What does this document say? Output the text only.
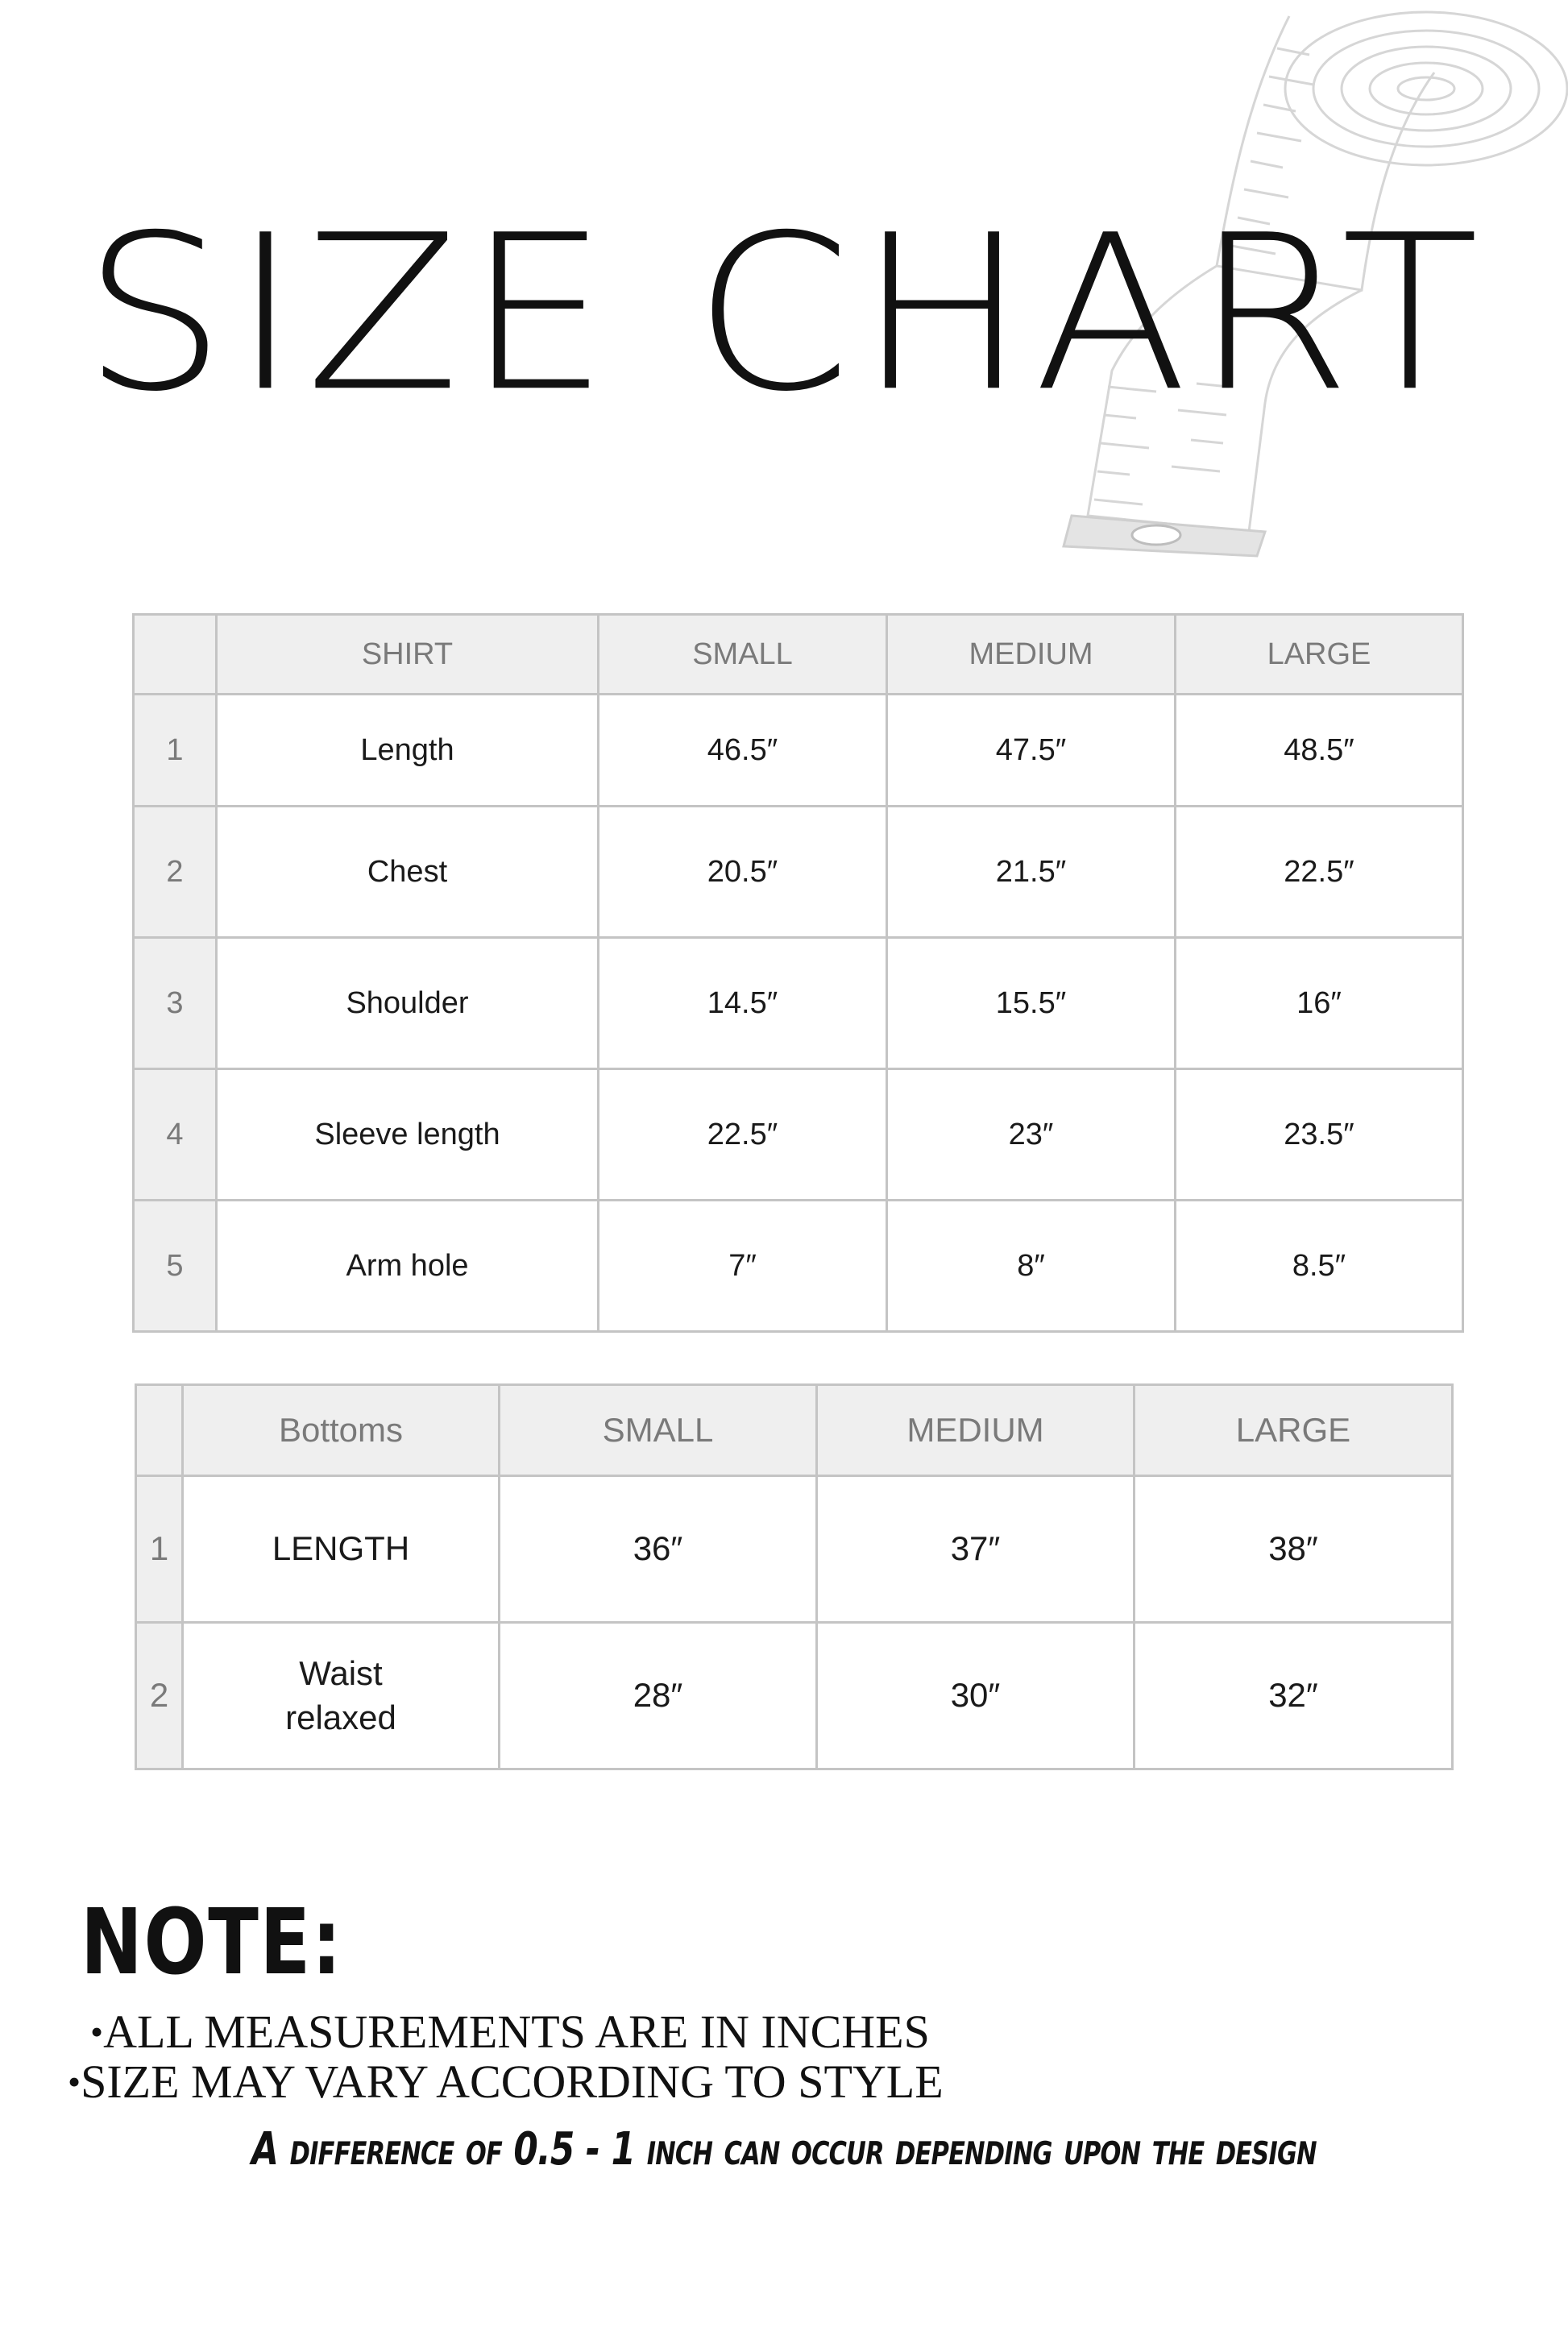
SIZE CHART
	SHIRT	SMALL	MEDIUM	LARGE
1	Length	46.5″	47.5″	48.5″
2	Chest	20.5″	21.5″	22.5″
3	Shoulder	14.5″	15.5″	16″
4	Sleeve length	22.5″	23″	23.5″
5	Arm hole	7″	8″	8.5″
	Bottoms	SMALL	MEDIUM	LARGE
1	LENGTH	36″	37″	38″
2	Waist relaxed	28″	30″	32″
NOTE:
•ALL MEASUREMENTS ARE IN INCHES
•SIZE MAY VARY ACCORDING TO STYLE
A difference of 0.5 - 1 inch can occur depending upon the design
